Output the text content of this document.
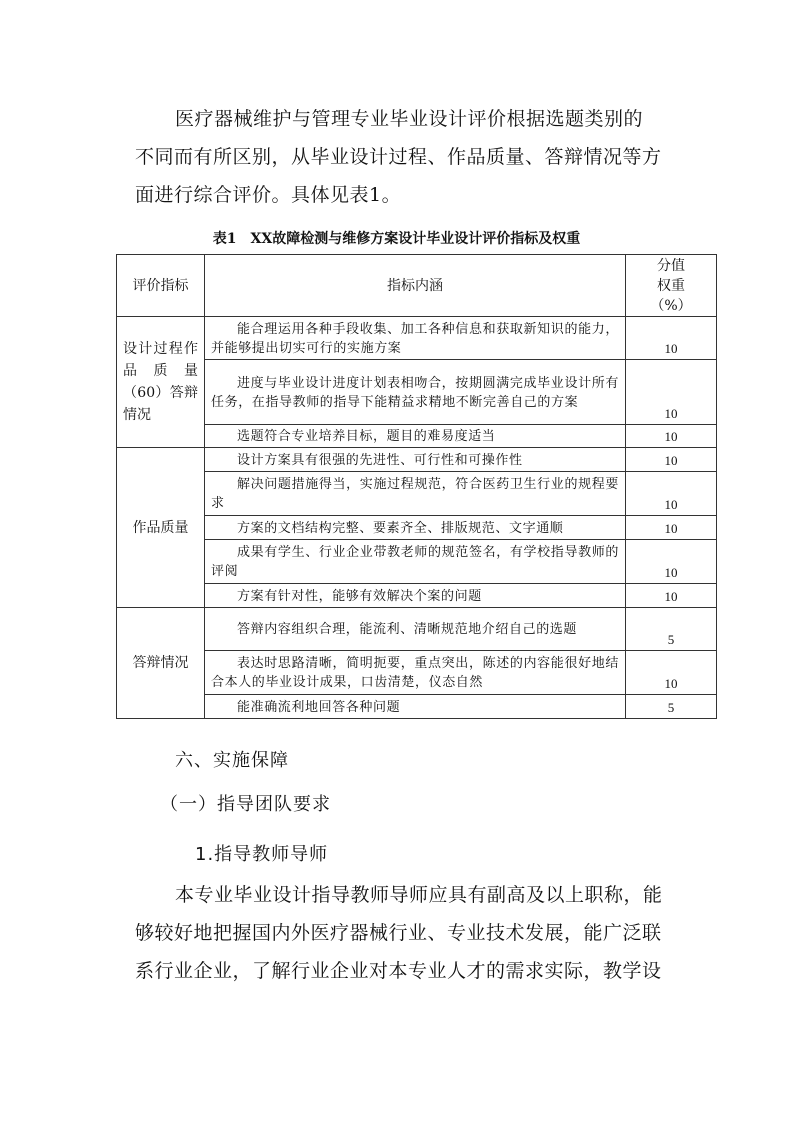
医疗器械维护与管理专业毕业设计评价根据选题类别的
不同而有所区别，从毕业设计过程、作品质量、答辩情况等方
面进行综合评价。具体见表1。
表1　XX故障检测与维修方案设计毕业设计评价指标及权重
评价指标	指标内涵	分值
权重
（%）

设计过程作品质量（60）答辩情况	能合理运用各种手段收集、加工各种信息和获取新知识的能力，并能够提出切实可行的实施方案	10
	进度与毕业设计进度计划表相吻合，按期圆满完成毕业设计所有任务，在指导教师的指导下能精益求精地不断完善自己的方案	10
	选题符合专业培养目标，题目的难易度适当	10
作品质量	设计方案具有很强的先进性、可行性和可操作性	10
	解决问题措施得当，实施过程规范，符合医药卫生行业的规程要求	10
	方案的文档结构完整、要素齐全、排版规范、文字通顺	10
	成果有学生、行业企业带教老师的规范签名，有学校指导教师的评阅	10
	方案有针对性，能够有效解决个案的问题	10
答辩情况	答辩内容组织合理，能流利、清晰规范地介绍自己的选题	5
	表达时思路清晰，简明扼要，重点突出，陈述的内容能很好地结合本人的毕业设计成果，口齿清楚，仪态自然	10
	能准确流利地回答各种问题	5
六、实施保障
（一）指导团队要求
1.指导教师导师
本专业毕业设计指导教师导师应具有副高及以上职称，能
够较好地把握国内外医疗器械行业、专业技术发展，能广泛联
系行业企业，了解行业企业对本专业人才的需求实际，教学设
